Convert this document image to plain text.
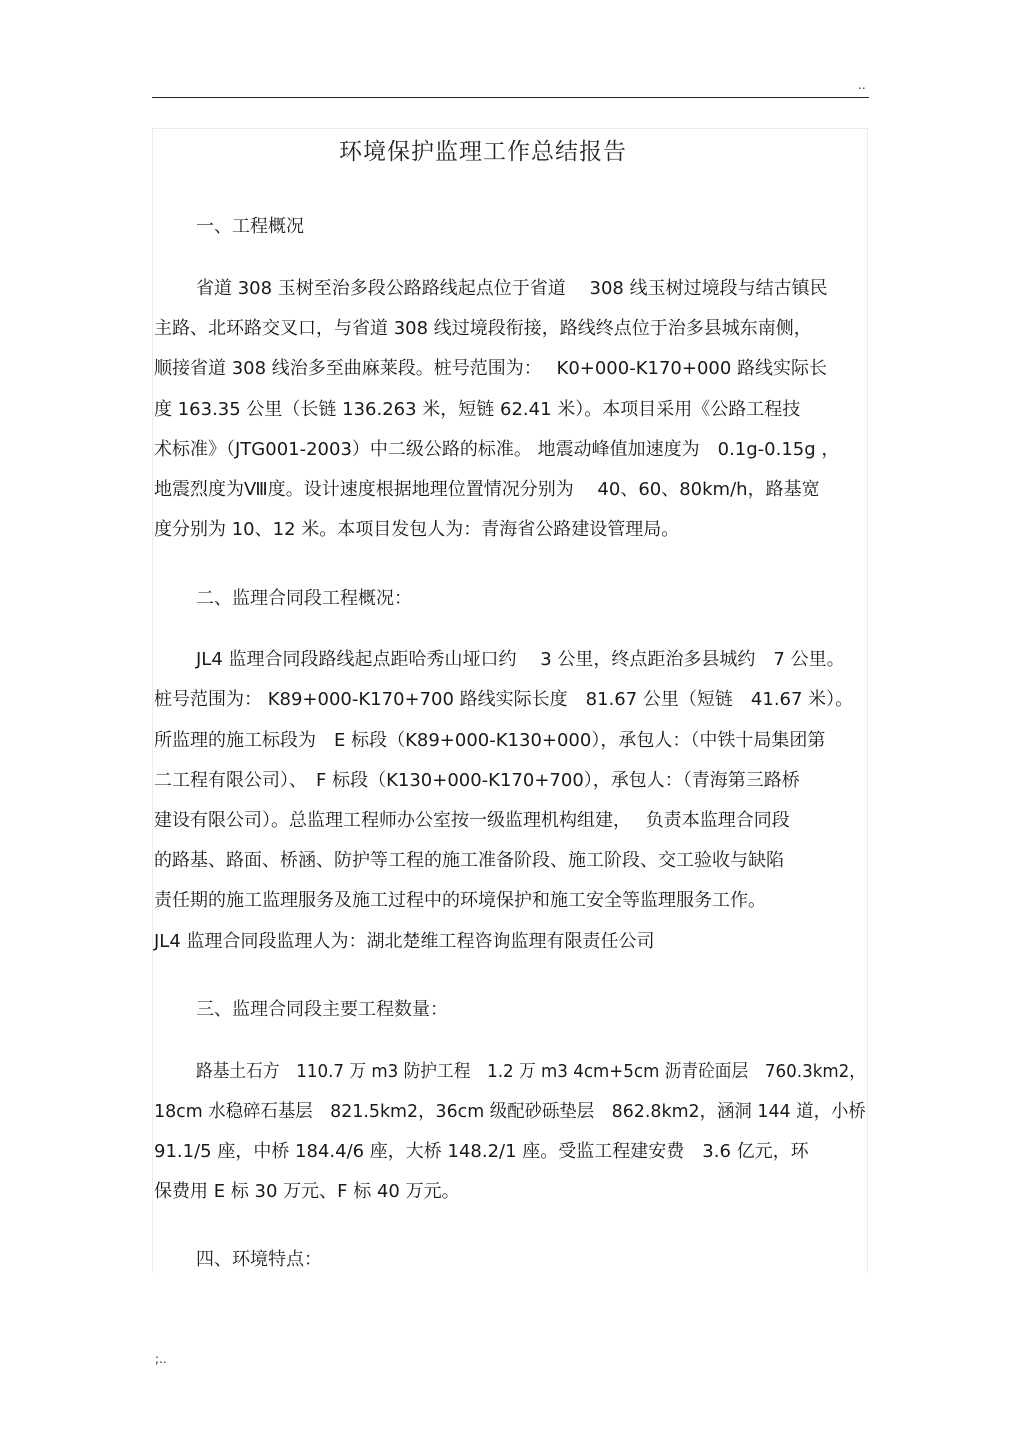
..
环境保护监理工作总结报告
一、工程概况
省道 308 玉树至治多段公路路线起点位于省道　 308 线玉树过境段与结古镇民
主路、北环路交叉口，与省道 308 线过境段衔接，路线终点位于治多县城东南侧，
顺接省道 308 线治多至曲麻莱段。桩号范围为：　 K0+000-K170+000 路线实际长
度 163.35 公里（长链 136.263 米，短链 62.41 米）。本项目采用《公路工程技
术标准》（JTG001-2003）中二级公路的标准。 地震动峰值加速度为　0.1g-0.15g ，
地震烈度为Ⅷ度。设计速度根据地理位置情况分别为　 40、60、80km/h，路基宽
度分别为 10、12 米。本项目发包人为：青海省公路建设管理局。
二、监理合同段工程概况：
JL4 监理合同段路线起点距哈秀山垭口约　 3 公里，终点距治多县城约　7 公里。
桩号范围为： K89+000-K170+700 路线实际长度　81.67 公里（短链　41.67 米）。
所监理的施工标段为　E 标段（K89+000-K130+000），承包人：（中铁十局集团第
二工程有限公司）、　F 标段（K130+000-K170+700），承包人：（青海第三路桥
建设有限公司）。总监理工程师办公室按一级监理机构组建，　 负责本监理合同段
的路基、路面、桥涵、防护等工程的施工准备阶段、施工阶段、交工验收与缺陷
责任期的施工监理服务及施工过程中的环境保护和施工安全等监理服务工作。
JL4 监理合同段监理人为：湖北楚维工程咨询监理有限责任公司
三、监理合同段主要工程数量：
路基土石方　110.7 万 m3 防护工程　1.2 万 m3 4cm+5cm 沥青砼面层　760.3km2，
18cm 水稳碎石基层　821.5km2，36cm 级配砂砾垫层　862.8km2，涵洞 144 道，小桥
91.1/5 座，中桥 184.4/6 座，大桥 148.2/1 座。受监工程建安费　3.6 亿元，环
保费用 E 标 30 万元、F 标 40 万元。
四、环境特点：
;..
